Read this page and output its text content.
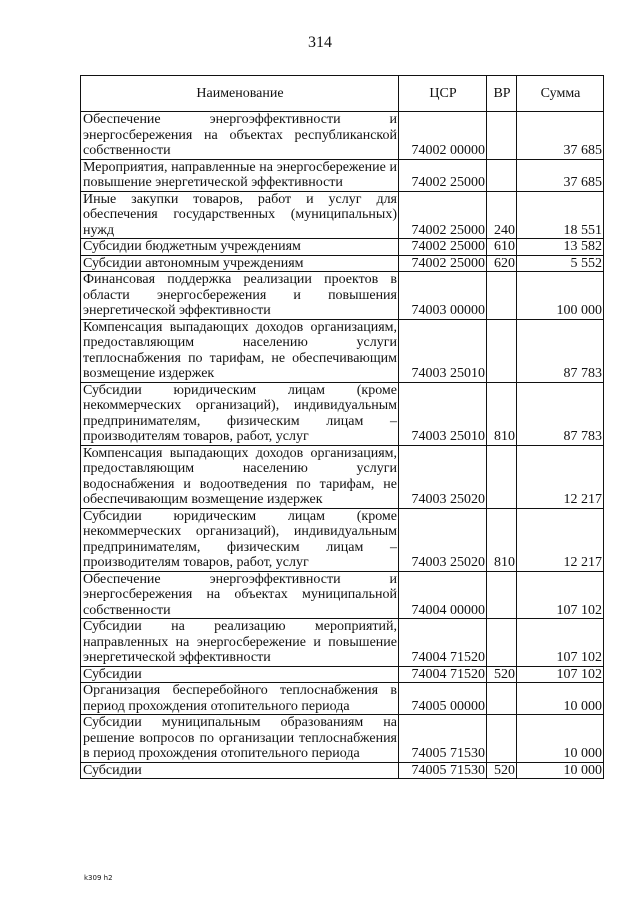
314
Наименование	ЦСР	ВР	Сумма
Обеспечение энергоэффективности и энергосбережения на объектах республиканской собственности	74002 00000		37 685
Мероприятия, направленные на энергосбережение и повышение энергетической эффективности	74002 25000		37 685
Иные закупки товаров, работ и услуг для обеспечения государственных (муниципальных) нужд	74002 25000	240	18 551
Субсидии бюджетным учреждениям	74002 25000	610	13 582
Субсидии автономным учреждениям	74002 25000	620	5 552
Финансовая поддержка реализации проектов в области энергосбережения и повышения энергетической эффективности	74003 00000		100 000
Компенсация выпадающих доходов организациям, предоставляющим населению услуги теплоснабжения по тарифам, не обеспечивающим возмещение издержек	74003 25010		87 783
Субсидии юридическим лицам (кроме некоммерческих организаций), индивидуальным предпринимателям, физическим лицам – производителям товаров, работ, услуг	74003 25010	810	87 783
Компенсация выпадающих доходов организациям, предоставляющим населению услуги водоснабжения и водоотведения по тарифам, не обеспечивающим возмещение издержек	74003 25020		12 217
Субсидии юридическим лицам (кроме некоммерческих организаций), индивидуальным предпринимателям, физическим лицам – производителям товаров, работ, услуг	74003 25020	810	12 217
Обеспечение энергоэффективности и энергосбережения на объектах муниципальной собственности	74004 00000		107 102
Субсидии на реализацию мероприятий, направленных на энергосбережение и повышение энергетической эффективности	74004 71520		107 102
Субсидии	74004 71520	520	107 102
Организация бесперебойного теплоснабжения в период прохождения отопительного периода	74005 00000		10 000
Субсидии муниципальным образованиям на решение вопросов по организации теплоснабжения в период прохождения отопительного периода	74005 71530		10 000
Субсидии	74005 71530	520	10 000
k309 h2
